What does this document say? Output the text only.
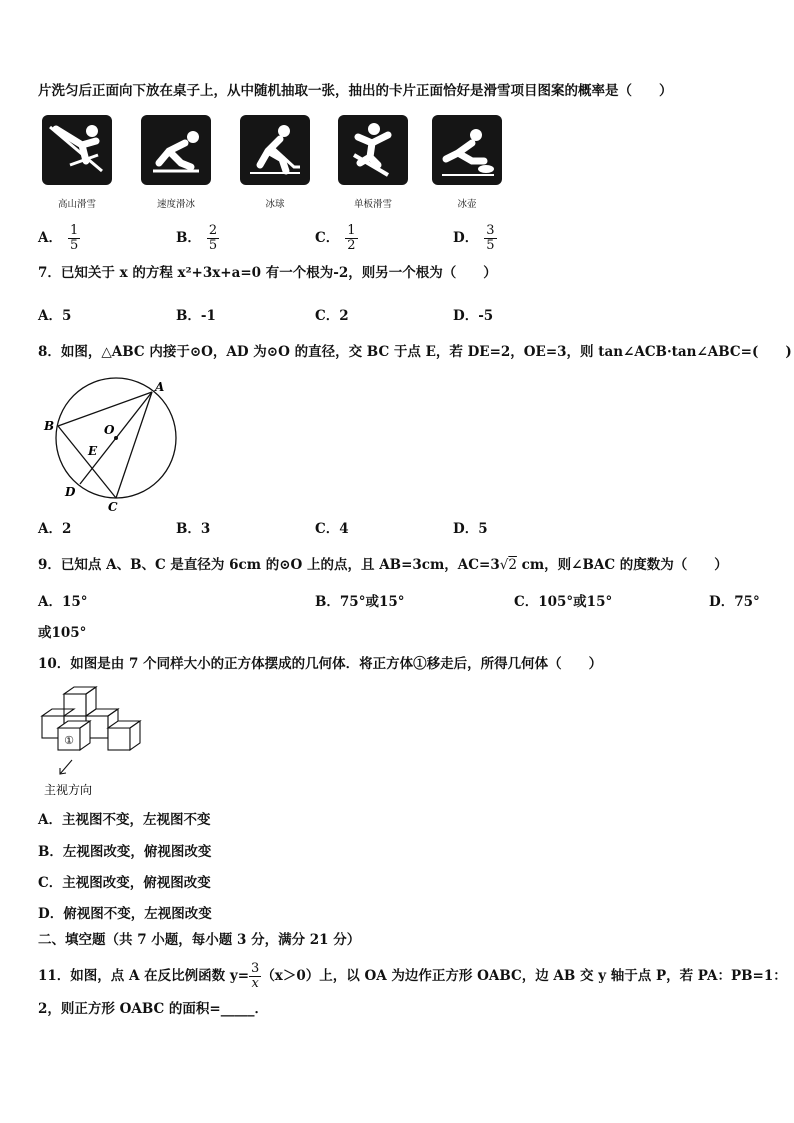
片洗匀后正面向下放在桌子上，从中随机抽取一张，抽出的卡片正面恰好是滑雪项目图案的概率是（　　）
高山滑雪	速度滑冰	冰球	单板滑雪	冰壶
A． $\frac{1}{5}$	B． $\frac{2}{5}$	C． $\frac{1}{2}$	D． $\frac{3}{5}$
7．已知关于 x 的方程 x²+3x+a=0 有一个根为-2，则另一个根为（　　）
A．5	B．-1	C．2	D．-5
8．如图，△ABC 内接于⊙O，AD 为⊙O 的直径，交 BC 于点 E，若 DE=2，OE=3，则 tan∠ACB·tan∠ABC=(　　)
A
B
C
D
E
O
A．2	B．3	C．4	D．5
9．已知点 A、B、C 是直径为 6cm 的⊙O 上的点，且 AB=3cm，AC=3√2 cm，则∠BAC 的度数为（　　）
A．15°	B．75°或15°	C．105°或15°	D．75°
或105°
10．如图是由 7 个同样大小的正方体摆成的几何体．将正方体①移走后，所得几何体（　　）
①
主视方向
A．主视图不变，左视图不变
B．左视图改变，俯视图改变
C．主视图改变，俯视图改变
D．俯视图不变，左视图改变
二、填空题（共 7 小题，每小题 3 分，满分 21 分）
11．如图，点 A 在反比例函数 $y= \frac{3}{x} (x>0)$上，以 OA 为边作正方形 OABC，边 AB 交 y 轴于点 P，若 PA：PB=1：
2，则正方形 OABC 的面积=_____．
